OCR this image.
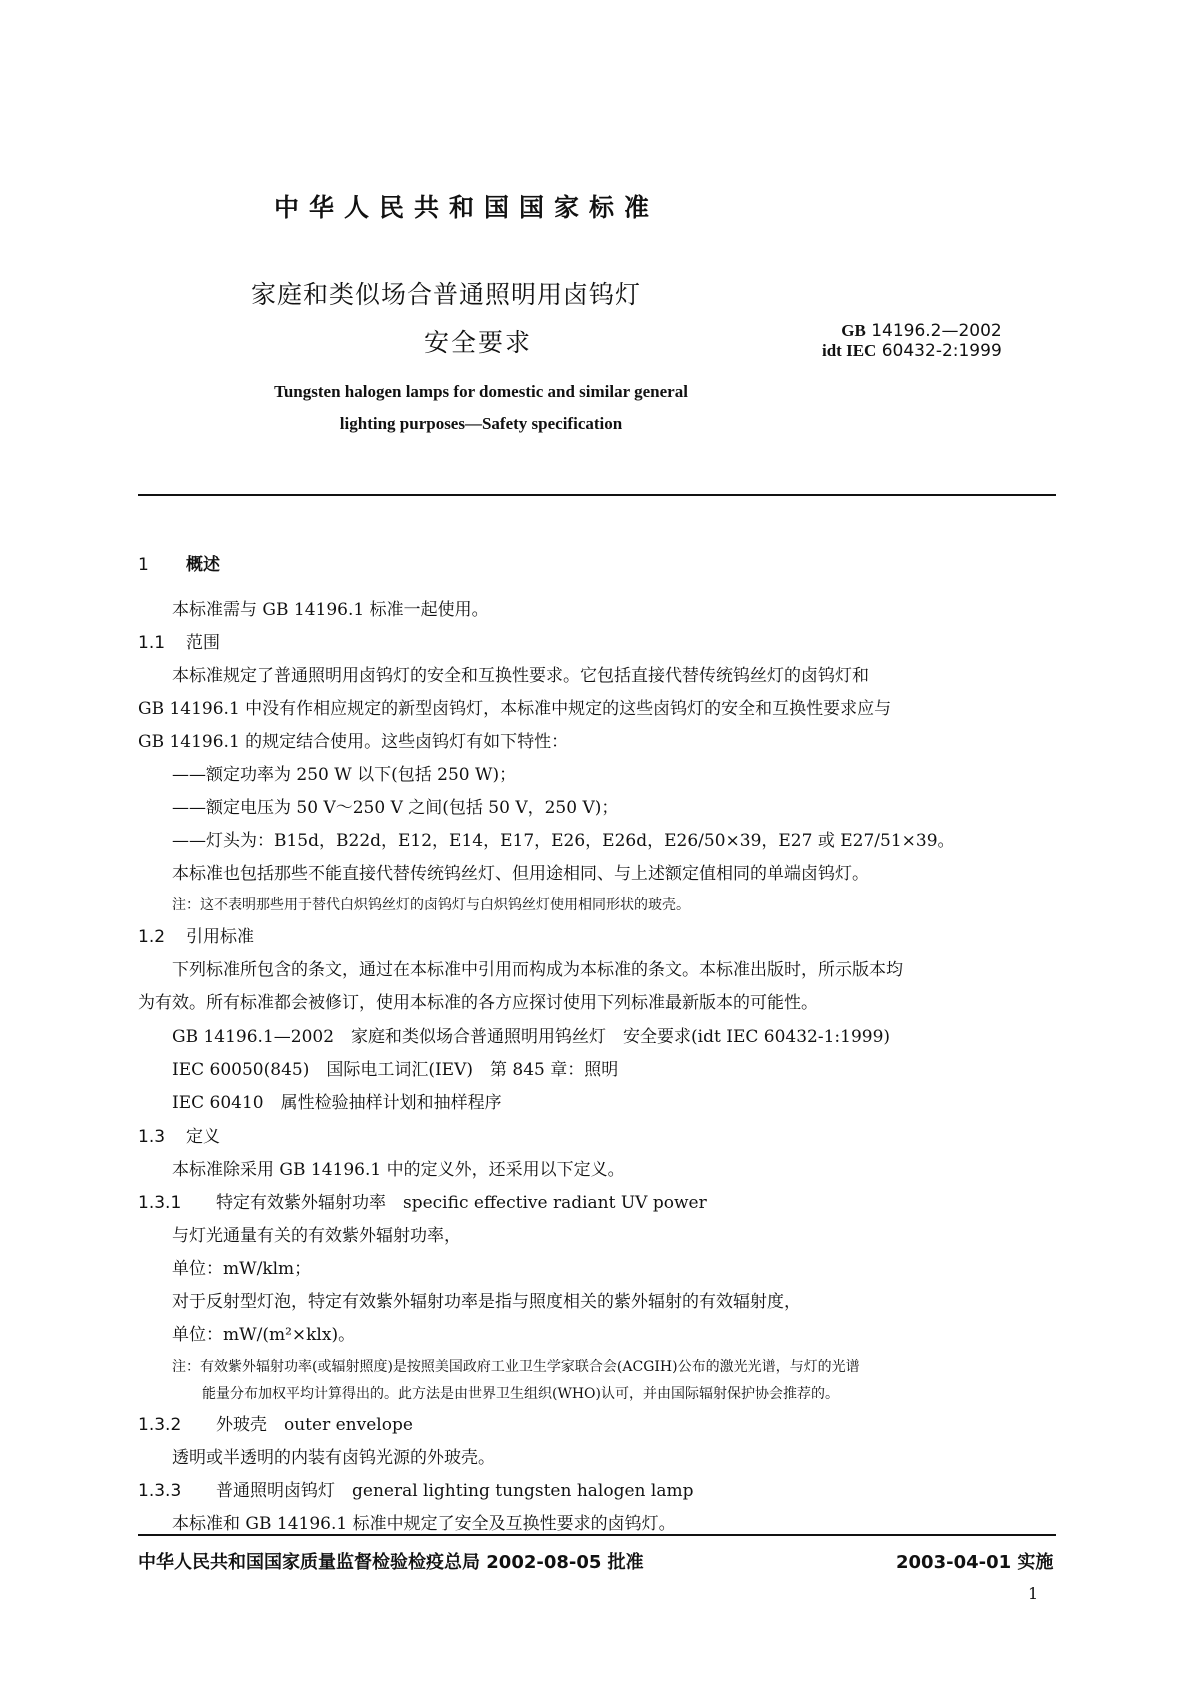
中华人民共和国国家标准
家庭和类似场合普通照明用卤钨灯
安全要求	GB 14196.2—2002
idt IEC 60432-2:1999
Tungsten halogen lamps for domestic and similar general
lighting purposes—Safety specification
1 概述
本标准需与 GB 14196.1 标准一起使用。
1.1 范围
本标准规定了普通照明用卤钨灯的安全和互换性要求。它包括直接代替传统钨丝灯的卤钨灯和
GB 14196.1 中没有作相应规定的新型卤钨灯，本标准中规定的这些卤钨灯的安全和互换性要求应与
GB 14196.1 的规定结合使用。这些卤钨灯有如下特性：
——额定功率为 250 W 以下(包括 250 W)；
——额定电压为 50 V～250 V 之间(包括 50 V，250 V)；
——灯头为：B15d，B22d，E12，E14，E17，E26，E26d，E26/50×39，E27 或 E27/51×39。
本标准也包括那些不能直接代替传统钨丝灯、但用途相同、与上述额定值相同的单端卤钨灯。
注：这不表明那些用于替代白炽钨丝灯的卤钨灯与白炽钨丝灯使用相同形状的玻壳。
1.2 引用标准
下列标准所包含的条文，通过在本标准中引用而构成为本标准的条文。本标准出版时，所示版本均
为有效。所有标准都会被修订，使用本标准的各方应探讨使用下列标准最新版本的可能性。
GB 14196.1—2002　家庭和类似场合普通照明用钨丝灯　安全要求(idt IEC 60432-1:1999)
IEC 60050(845)　国际电工词汇(IEV)　第 845 章：照明
IEC 60410　属性检验抽样计划和抽样程序
1.3 定义
本标准除采用 GB 14196.1 中的定义外，还采用以下定义。
1.3.1 特定有效紫外辐射功率　specific effective radiant UV power
与灯光通量有关的有效紫外辐射功率，
单位：mW/klm；
对于反射型灯泡，特定有效紫外辐射功率是指与照度相关的紫外辐射的有效辐射度，
单位：mW/(m²×klx)。
注：有效紫外辐射功率(或辐射照度)是按照美国政府工业卫生学家联合会(ACGIH)公布的激光光谱，与灯的光谱
能量分布加权平均计算得出的。此方法是由世界卫生组织(WHO)认可，并由国际辐射保护协会推荐的。
1.3.2 外玻壳　outer envelope
透明或半透明的内装有卤钨光源的外玻壳。
1.3.3 普通照明卤钨灯　general lighting tungsten halogen lamp
本标准和 GB 14196.1 标准中规定了安全及互换性要求的卤钨灯。
中华人民共和国国家质量监督检验检疫总局 2002-08-05 批准	2003-04-01 实施
1
